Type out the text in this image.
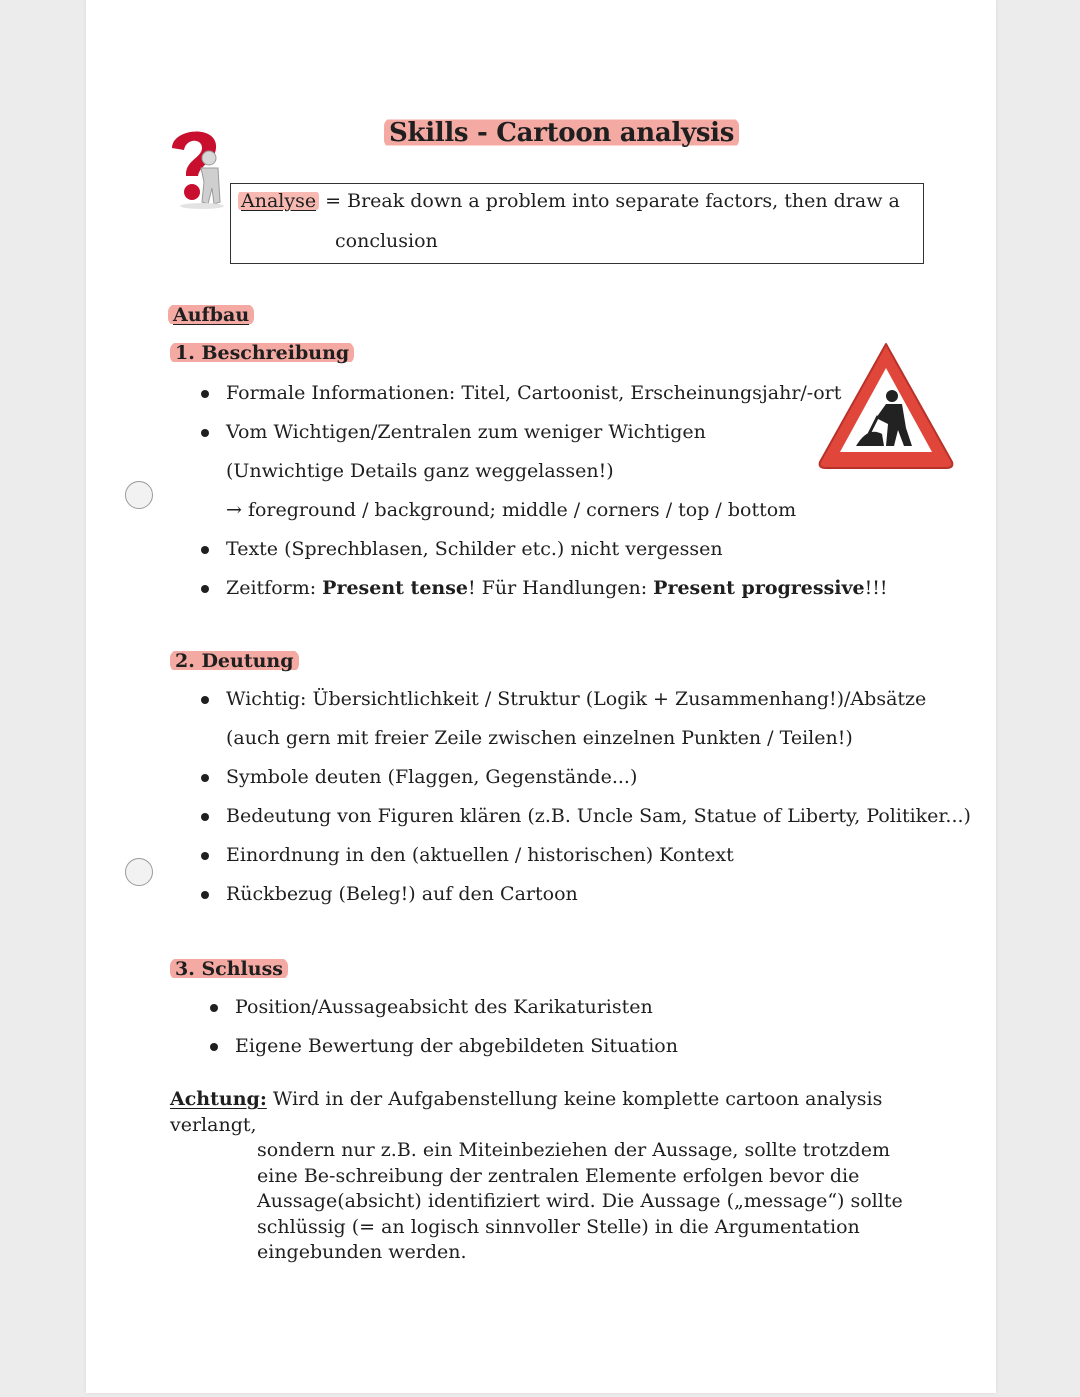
Skills - Cartoon analysis
Analyse = Break down a problem into separate factors, then draw a
conclusion
Aufbau
1. Beschreibung
Formale Informationen: Titel, Cartoonist, Erscheinungsjahr/-ort
Vom Wichtigen/Zentralen zum weniger Wichtigen
(Unwichtige Details ganz weggelassen!)
→ foreground / background; middle / corners / top / bottom
Texte (Sprechblasen, Schilder etc.) nicht vergessen
Zeitform: Present tense! Für Handlungen: Present progressive!!!
2. Deutung
Wichtig: Übersichtlichkeit / Struktur (Logik + Zusammenhang!)/Absätze
(auch gern mit freier Zeile zwischen einzelnen Punkten / Teilen!)
Symbole deuten (Flaggen, Gegenstände...)
Bedeutung von Figuren klären (z.B. Uncle Sam, Statue of Liberty, Politiker...)
Einordnung in den (aktuellen / historischen) Kontext
Rückbezug (Beleg!) auf den Cartoon
3. Schluss
Position/Aussageabsicht des Karikaturisten
Eigene Bewertung der abgebildeten Situation
Achtung: Wird in der Aufgabenstellung keine komplette cartoon analysis verlangt,
sondern nur z.B. ein Miteinbeziehen der Aussage, sollte trotzdem eine Be-schreibung der zentralen Elemente erfolgen bevor die Aussage(absicht) identifiziert wird. Die Aussage („message“) sollte schlüssig (= an logisch sinnvoller Stelle) in die Argumentation eingebunden werden.
